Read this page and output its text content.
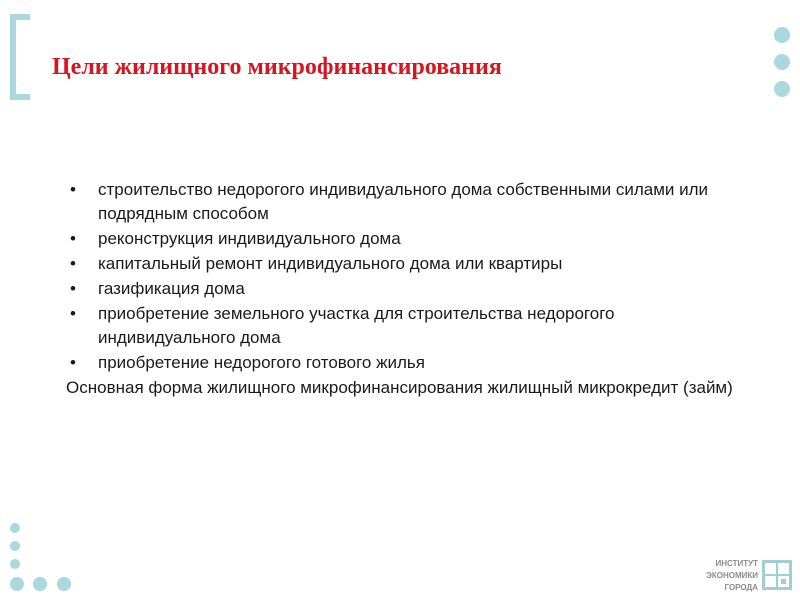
Цели жилищного микрофинансирования
• строительство недорогого индивидуального дома собственными силами или подрядным способом
• реконструкция индивидуального дома
• капитальный ремонт индивидуального дома или квартиры
• газификация дома
• приобретение земельного участка для строительства недорогого индивидуального дома
• приобретение недорогого готового жилья

Основная форма жилищного микрофинансирования жилищный микрокредит (займ)

ИНСТИТУТ
ЭКОНОМИКИ
ГОРОДА
